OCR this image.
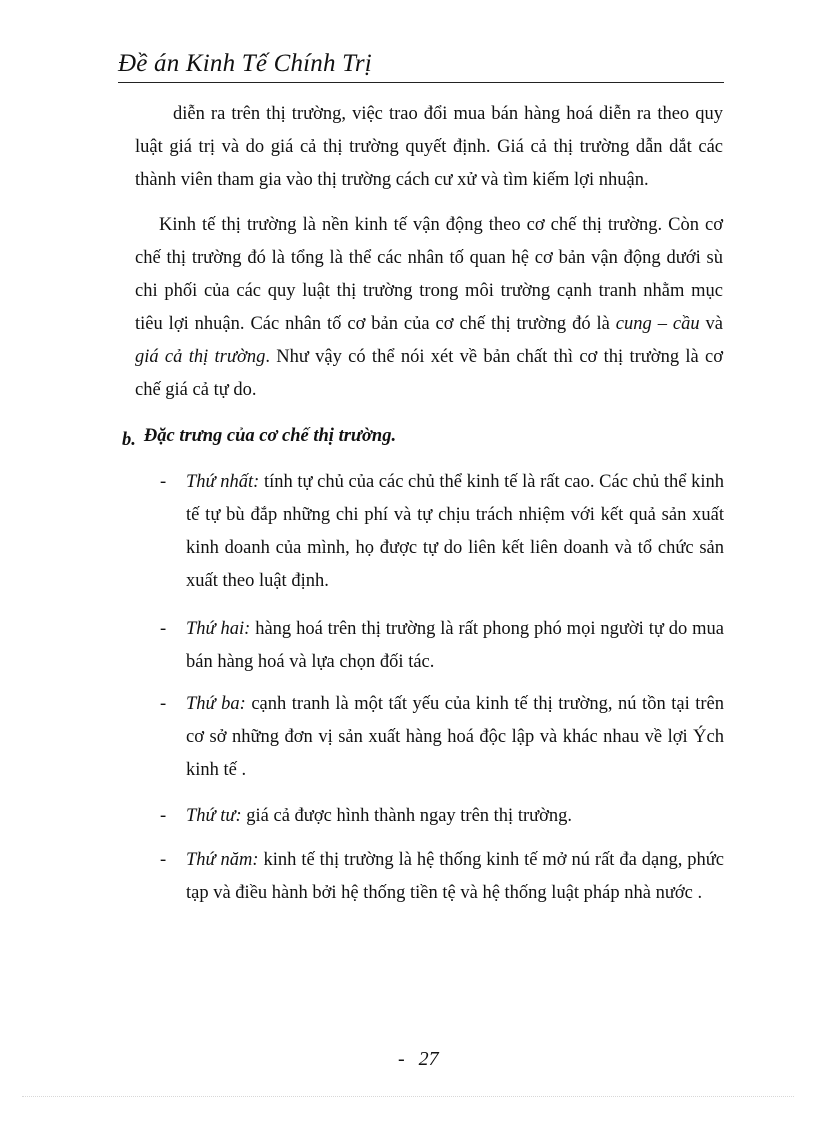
Đề án Kinh Tế Chính Trị
diễn ra trên thị trường, việc trao đổi mua bán hàng hoá diễn ra theo quy luật giá trị và do giá cả thị trường quyết định. Giá cả thị trường dẫn dắt các thành viên tham gia vào thị trường cách cư xử và tìm kiếm lợi nhuận.
Kinh tế thị trường là nền kinh tế vận động theo cơ chế thị trường. Còn cơ chế thị trường đó là tổng là thể các nhân tố quan hệ cơ bản vận động dưới sù chi phối của các quy luật thị trường trong môi trường cạnh tranh nhằm mục tiêu lợi nhuận. Các nhân tố cơ bản của cơ chế thị trường đó là cung – cầu và giá cả thị trường. Như vậy có thể nói xét về bản chất thì cơ thị trường là cơ chế giá cả tự do.
b. Đặc trưng của cơ chế thị trường.
- Thứ nhất: tính tự chủ của các chủ thể kinh tế là rất cao. Các chủ thể kinh tế tự bù đắp những chi phí và tự chịu trách nhiệm với kết quả sản xuất kinh doanh của mình, họ được tự do liên kết liên doanh và tổ chức sản xuất theo luật định.
- Thứ hai: hàng hoá trên thị trường là rất phong phó mọi người tự do mua bán hàng hoá và lựa chọn đối tác.
- Thứ ba: cạnh tranh là một tất yếu của kinh tế thị trường, nú tồn tại trên cơ sở những đơn vị sản xuất hàng hoá độc lập và khác nhau về lợi Ých kinh tế .
- Thứ tư: giá cả được hình thành ngay trên thị trường.
- Thứ năm: kinh tế thị trường là hệ thống kinh tế mở nú rất đa dạng, phức tạp và điều hành bởi hệ thống tiền tệ và hệ thống luật pháp nhà nước .
- 27
